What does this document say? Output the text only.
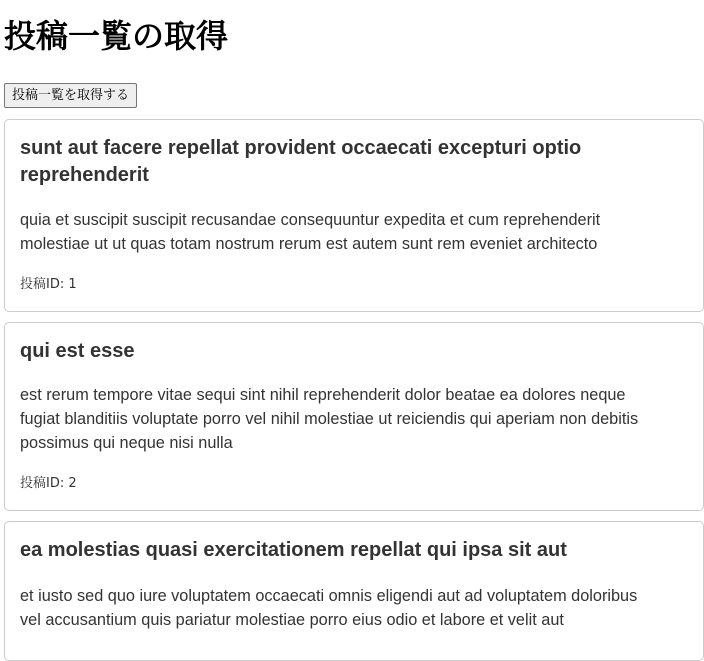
投稿一覧の取得
投稿一覧を取得する
sunt aut facere repellat provident occaecati excepturi optio
reprehenderit
quia et suscipit suscipit recusandae consequuntur expedita et cum reprehenderit
molestiae ut ut quas totam nostrum rerum est autem sunt rem eveniet architecto
投稿ID: 1
qui est esse
est rerum tempore vitae sequi sint nihil reprehenderit dolor beatae ea dolores neque
fugiat blanditiis voluptate porro vel nihil molestiae ut reiciendis qui aperiam non debitis
possimus qui neque nisi nulla
投稿ID: 2
ea molestias quasi exercitationem repellat qui ipsa sit aut
et iusto sed quo iure voluptatem occaecati omnis eligendi aut ad voluptatem doloribus
vel accusantium quis pariatur molestiae porro eius odio et labore et velit aut
